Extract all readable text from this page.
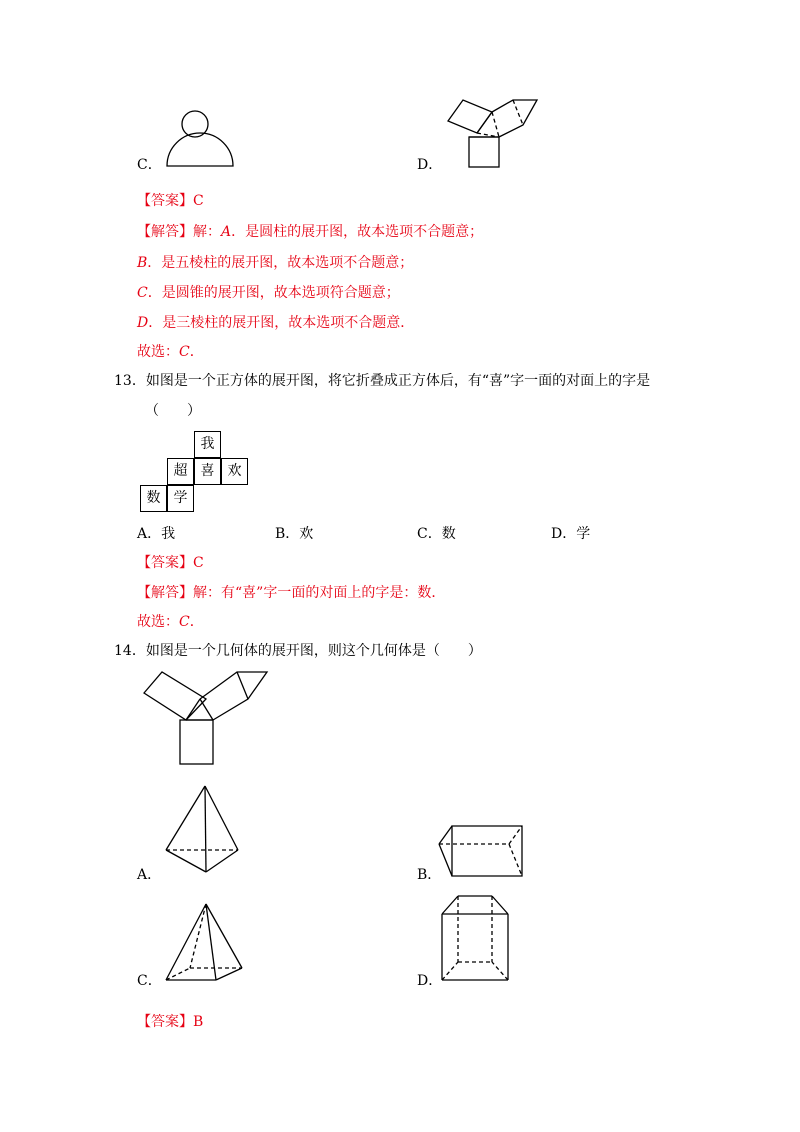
C．	D．
【答案】C
【解答】解：A．是圆柱的展开图，故本选项不合题意；
B．是五棱柱的展开图，故本选项不合题意；
C．是圆锥的展开图，故本选项符合题意；
D．是三棱柱的展开图，故本选项不合题意．
故选：C．
13．如图是一个正方体的展开图，将它折叠成正方体后，有“喜”字一面的对面上的字是
（　　）
我
超 喜 欢
数 学
A．我	B．欢	C．数	D．学
【答案】C
【解答】解：有“喜”字一面的对面上的字是：数．
故选：C．
14．如图是一个几何体的展开图，则这个几何体是（　　）
A．	B．
C．	D．
【答案】B
